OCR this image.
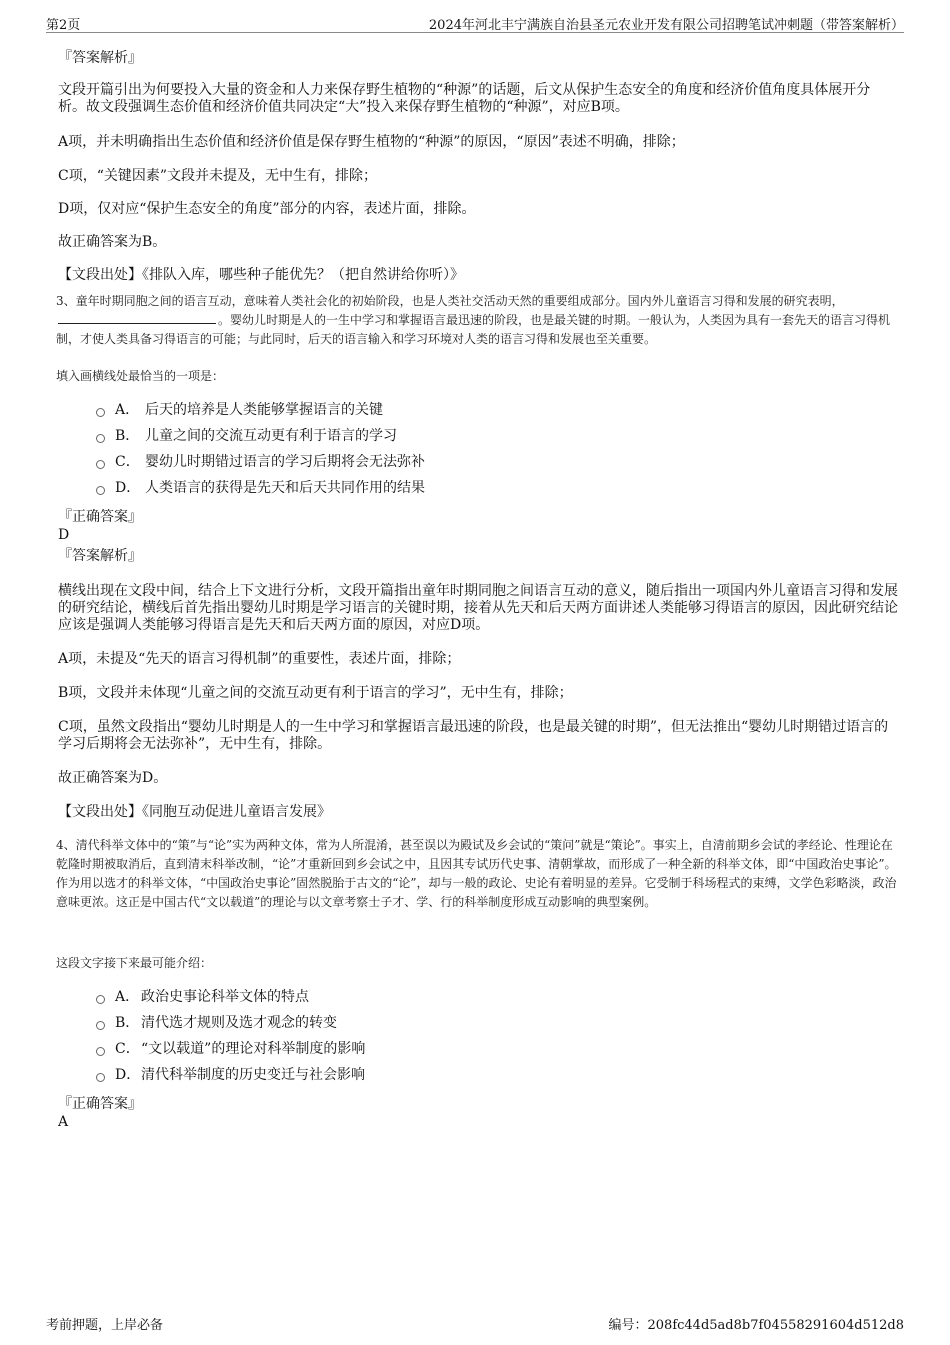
第2页	2024年河北丰宁满族自治县圣元农业开发有限公司招聘笔试冲刺题（带答案解析）

『答案解析』

文段开篇引出为何要投入大量的资金和人力来保存野生植物的“种源”的话题，后文从保护生态安全的角度和经济价值角度具体展开分析。故文段强调生态价值和经济价值共同决定“大”投入来保存野生植物的“种源”，对应B项。

A项，并未明确指出生态价值和经济价值是保存野生植物的“种源”的原因，“原因”表述不明确，排除；

C项，“关键因素”文段并未提及，无中生有，排除；

D项，仅对应“保护生态安全的角度”部分的内容，表述片面，排除。

故正确答案为B。

【文段出处】《排队入库，哪些种子能优先？（把自然讲给你听）》

3、童年时期同胞之间的语言互动，意味着人类社会化的初始阶段，也是人类社交活动天然的重要组成部分。国内外儿童语言习得和发展的研究表明，。婴幼儿时期是人的一生中学习和掌握语言最迅速的阶段，也是最关键的时期。一般认为，人类因为具有一套先天的语言习得机制，才使人类具备习得语言的可能；与此同时，后天的语言输入和学习环境对人类的语言习得和发展也至关重要。

填入画横线处最恰当的一项是：

A． 后天的培养是人类能够掌握语言的关键
B． 儿童之间的交流互动更有利于语言的学习
C． 婴幼儿时期错过语言的学习后期将会无法弥补
D． 人类语言的获得是先天和后天共同作用的结果

『正确答案』

D

『答案解析』

横线出现在文段中间，结合上下文进行分析，文段开篇指出童年时期同胞之间语言互动的意义，随后指出一项国内外儿童语言习得和发展的研究结论，横线后首先指出婴幼儿时期是学习语言的关键时期，接着从先天和后天两方面讲述人类能够习得语言的原因，因此研究结论应该是强调人类能够习得语言是先天和后天两方面的原因，对应D项。

A项，未提及“先天的语言习得机制”的重要性，表述片面，排除；

B项，文段并未体现“儿童之间的交流互动更有利于语言的学习”，无中生有，排除；

C项，虽然文段指出“婴幼儿时期是人的一生中学习和掌握语言最迅速的阶段，也是最关键的时期”，但无法推出“婴幼儿时期错过语言的学习后期将会无法弥补”，无中生有，排除。

故正确答案为D。

【文段出处】《同胞互动促进儿童语言发展》

4、清代科举文体中的“策”与“论”实为两种文体，常为人所混淆，甚至误以为殿试及乡会试的“策问”就是“策论”。事实上，自清前期乡会试的孝经论、性理论在乾隆时期被取消后，直到清末科举改制，“论”才重新回到乡会试之中，且因其专试历代史事、清朝掌故，而形成了一种全新的科举文体，即“中国政治史事论”。作为用以选才的科举文体，“中国政治史事论”固然脱胎于古文的“论”，却与一般的政论、史论有着明显的差异。它受制于科场程式的束缚，文学色彩略淡，政治意味更浓。这正是中国古代“文以载道”的理论与以文章考察士子才、学、行的科举制度形成互动影响的典型案例。

这段文字接下来最可能介绍：

A． 政治史事论科举文体的特点
B． 清代选才规则及选才观念的转变
C． “文以载道”的理论对科举制度的影响
D． 清代科举制度的历史变迁与社会影响

『正确答案』

A

考前押题，上岸必备	编号：208fc44d5ad8b7f04558291604d512d8
